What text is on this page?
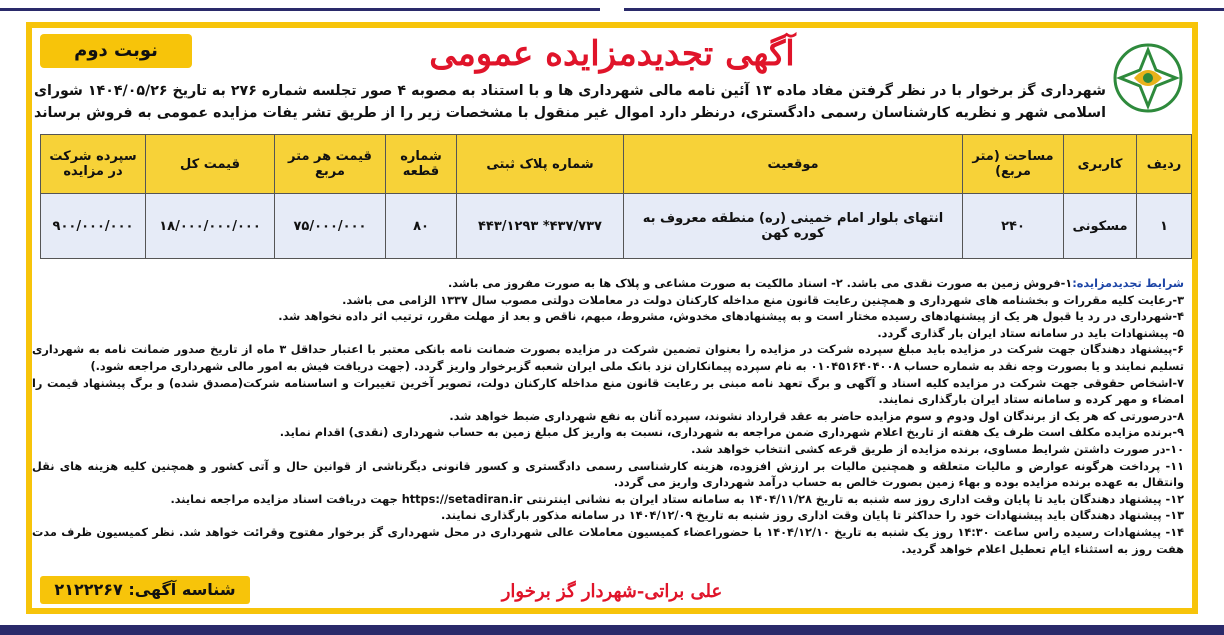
آگهی تجدیدمزایده عمومی
نوبت دوم
شهرداری گز برخوار با در نظر گرفتن مفاد ماده ۱۳ آئین نامه مالی شهرداری ها و با استناد به مصوبه ۴ صور تجلسه شماره ۲۷۶ به تاریخ ۱۴۰۴/۰۵/۲۶ شورای اسلامی شهر و نظریه کارشناسان رسمی دادگستری، درنظر دارد اموال غیر منقول با مشخصات زیر را از طریق تشر یفات مزایده عمومی به فروش برساند
ردیف	کاربری	مساحت (متر مربع)	موقعیت	شماره پلاک ثبتی	شماره قطعه	قیمت هر متر مربع	قیمت کل	سپرده شرکت در مزایده
۱	مسکونی	۲۴۰	انتهای بلوار امام خمینی (ره) منطقه معروف به کوره کهن	۴۳۷/۷۳۷* ۴۴۳/۱۲۹۳	۸۰	۷۵/۰۰۰/۰۰۰	۱۸/۰۰۰/۰۰۰/۰۰۰	۹۰۰/۰۰۰/۰۰۰

شرایط تجدیدمزایده:۱-فروش زمین به صورت نقدی می باشد. ۲- اسناد مالکیت به صورت مشاعی و پلاک ها به صورت مفروز می باشد.

۳-رعایت کلیه مقررات و بخشنامه های شهرداری و همچنین رعایت قانون منع مداخله کارکنان دولت در معاملات دولتی مصوب سال ۱۳۳۷ الزامی می باشد.

۴-شهرداری در رد یا قبول هر یک از پیشنهادهای رسیده مختار است و به پیشنهادهای مخدوش، مشروط، مبهم، ناقص و بعد از مهلت مقرر، ترتیب اثر داده نخواهد شد.

۵- پیشنهادات باید در سامانه ستاد ایران بار گذاری گردد.

۶-پیشنهاد دهندگان جهت شرکت در مزایده باید مبلغ سپرده شرکت در مزایده را بعنوان تضمین شرکت در مزایده بصورت ضمانت نامه بانکی معتبر با اعتبار حداقل ۳ ماه از تاریخ صدور ضمانت نامه به شهرداری تسلیم نمایند و یا بصورت وجه نقد به شماره حساب ۰۱۰۴۵۱۶۴۰۴۰۰۸ به نام سپرده پیمانکاران نزد بانک ملی ایران شعبه گزبرخوار واریز گردد. (جهت دریافت فیش به امور مالی شهرداری مراجعه شود.)

۷-اشخاص حقوقی جهت شرکت در مزایده کلیه اسناد و آگهی و برگ تعهد نامه مبنی بر رعایت قانون منع مداخله کارکنان دولت، تصویر آخرین تغییرات و اساسنامه شرکت(مصدق شده) و برگ پیشنهاد قیمت را امضاء و مهر کرده و سامانه ستاد ایران بارگذاری نمایند.

۸-درصورتی که هر یک از برندگان اول ودوم و سوم مزایده حاضر به عقد قرارداد نشوند، سپرده آنان به نفع شهرداری ضبط خواهد شد.

۹-برنده مزایده مکلف است ظرف یک هفته از تاریخ اعلام شهرداری ضمن مراجعه به شهرداری، نسبت به واریز کل مبلغ زمین به حساب شهرداری (نقدی) اقدام نماید.

۱۰-در صورت داشتن شرایط مساوی، برنده مزایده از طریق قرعه کشی انتخاب خواهد شد.

۱۱- پرداخت هرگونه عوارض و مالیات متعلقه و همچنین مالیات بر ارزش افزوده، هزینه کارشناسی رسمی دادگستری و کسور قانونی دیگرناشی از قوانین حال و آتی کشور و همچنین کلیه هزینه های نقل وانتقال به عهده برنده مزایده بوده و بهاء زمین بصورت خالص به حساب درآمد شهرداری واریز می گردد.

۱۲- پیشنهاد دهندگان باید تا پایان وقت اداری روز سه شنبه به تاریخ ۱۴۰۴/۱۱/۲۸ به سامانه ستاد ایران به نشانی اینترنتی https://setadiran.ir جهت دریافت اسناد مزایده مراجعه نمایند.

۱۳- پیشنهاد دهندگان باید پیشنهادات خود را حداکثر تا پایان وقت اداری روز شنبه به تاریخ ۱۴۰۴/۱۲/۰۹ در سامانه مذکور بارگذاری نمایند.

۱۴- پیشنهادات رسیده راس ساعت ۱۴:۳۰ روز یک شنبه به تاریخ ۱۴۰۴/۱۲/۱۰ با حضوراعضاء کمیسیون معاملات عالی شهرداری در محل شهرداری گز برخوار مفتوح وقرائت خواهد شد. نظر کمیسیون ظرف مدت هفت روز به استثناء ایام تعطیل اعلام خواهد گردید.

علی براتی-شهردار گز برخوار
شناسه آگهی: ۲۱۲۲۲۶۷
